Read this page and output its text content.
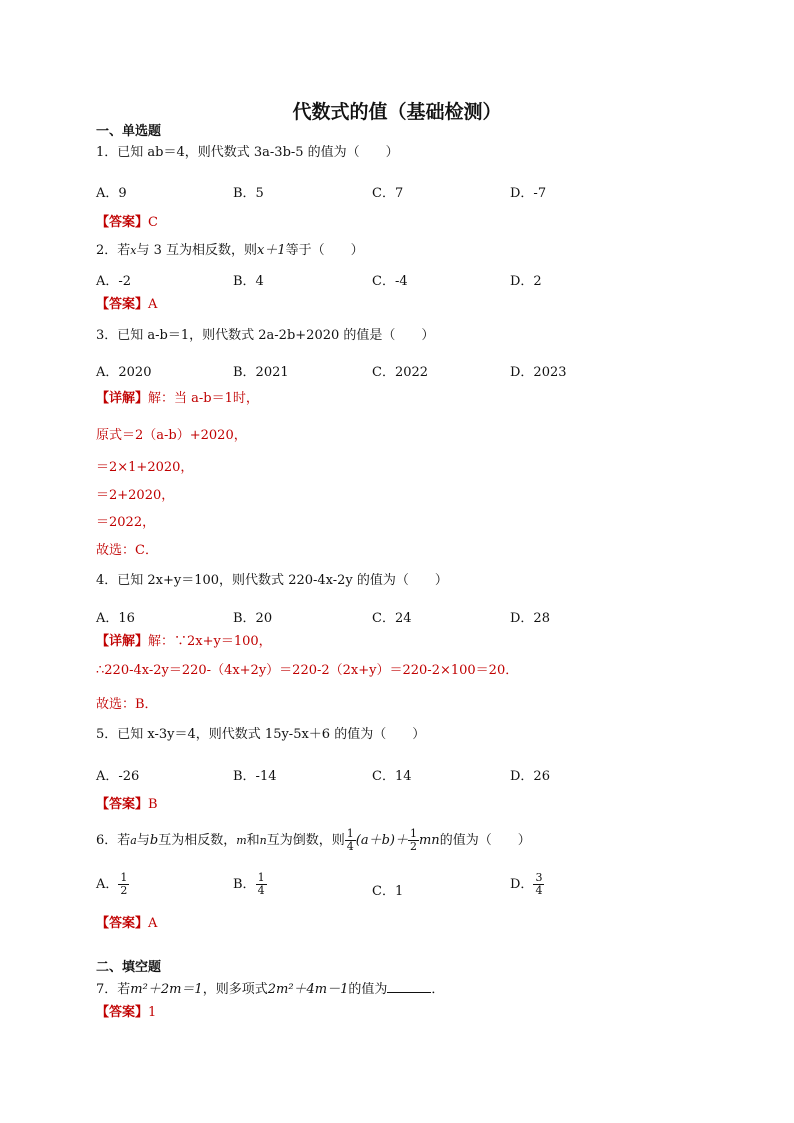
代数式的值（基础检测）
一、单选题
1．已知 ab＝4，则代数式 3a-3b-5 的值为（　　）
A．9	B．5	C．7	D．-7
【答案】C
2．若x与 3 互为相反数，则x＋1等于（　　）
A．-2	B．4	C．-4	D．2
【答案】A
3．已知 a-b＝1，则代数式 2a-2b+2020 的值是（　　）
A．2020	B．2021	C．2022	D．2023
【详解】解：当 a-b＝1时，
原式＝2（a-b）+2020，
＝2×1+2020，
＝2+2020，
＝2022，
故选：C．
4．已知 2x+y＝100，则代数式 220-4x-2y 的值为（　　）
A．16	B．20	C．24	D．28
【详解】解：∵2x+y＝100，
∴220-4x-2y＝220-（4x+2y）＝220-2（2x+y）＝220-2×100＝20．
故选：B．
5．已知 x-3y＝4，则代数式 15y-5x＋6 的值为（　　）
A．-26	B．-14	C．14	D．26
【答案】B
6．若a与b互为相反数，m和n互为倒数，则 $\frac{1}{4} (a+b)+ \frac{1}{2}$ mn的值为（　　）
A． $\frac{1}{2}$	B． $\frac{1}{4}$	C．1	D． $\frac{3}{4}$
【答案】A
二、填空题
7．若m²＋2m＝1，则多项式2m²＋4m－1的值为	．
【答案】1
